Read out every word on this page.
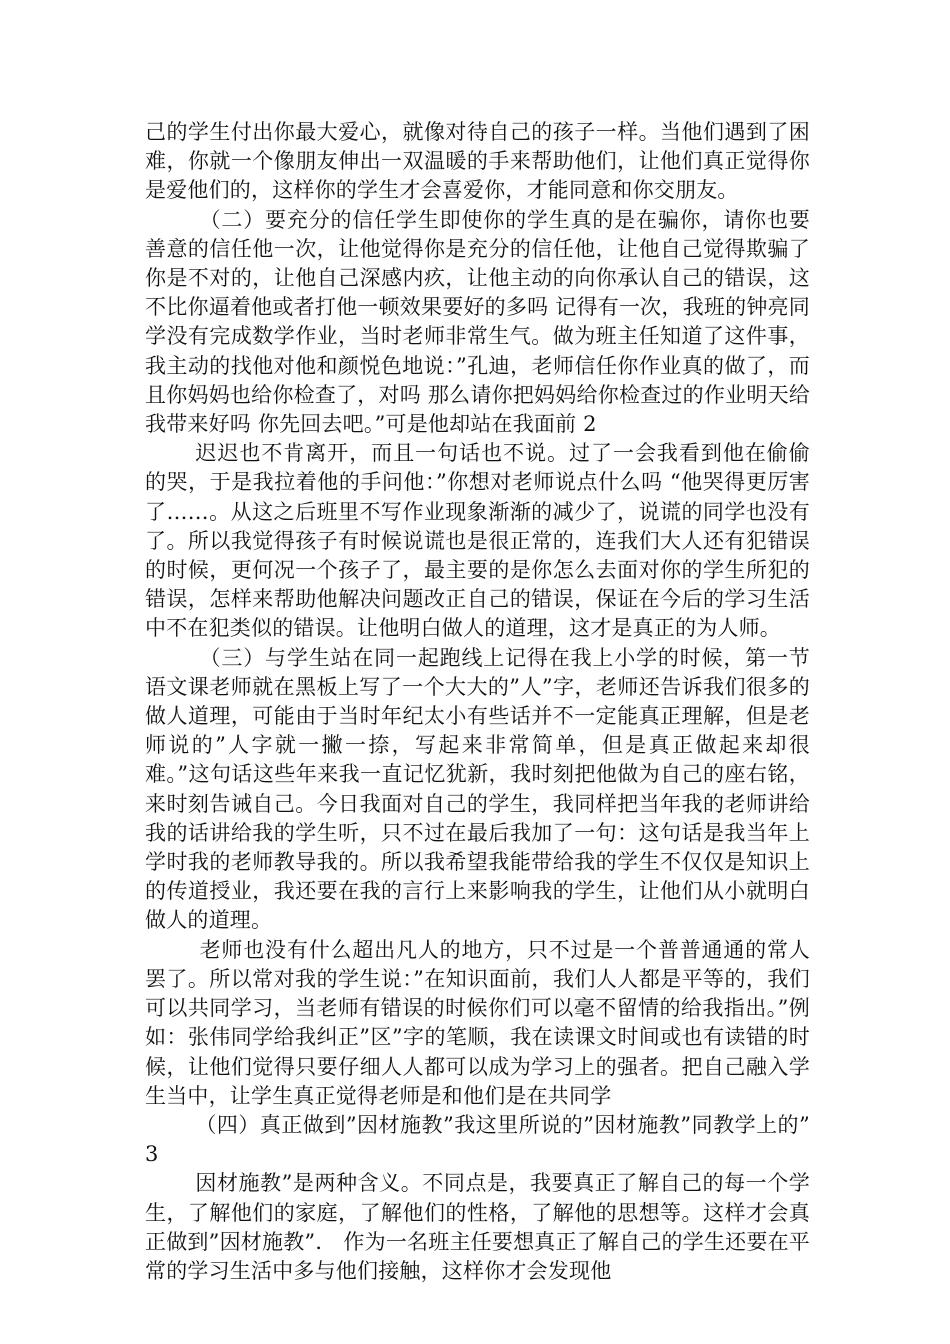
己的学生付出你最大爱心，就像对待自己的孩子一样。当他们遇到了困难，你就一个像朋友伸出一双温暖的手来帮助他们，让他们真正觉得你是爱他们的，这样你的学生才会喜爱你，才能同意和你交朋友。

（二）要充分的信任学生即使你的学生真的是在骗你，请你也要善意的信任他一次，让他觉得你是充分的信任他，让他自己觉得欺骗了你是不对的，让他自己深感内疚，让他主动的向你承认自己的错误，这不比你逼着他或者打他一顿效果要好的多吗 记得有一次，我班的钟亮同学没有完成数学作业，当时老师非常生气。做为班主任知道了这件事，我主动的找他对他和颜悦色地说：”孔迪，老师信任你作业真的做了，而且你妈妈也给你检查了，对吗 那么请你把妈妈给你检查过的作业明天给我带来好吗 你先回去吧。”可是他却站在我面前 2

迟迟也不肯离开，而且一句话也不说。过了一会我看到他在偷偷的哭，于是我拉着他的手问他：”你想对老师说点什么吗 “他哭得更厉害了……。从这之后班里不写作业现象渐渐的减少了，说谎的同学也没有了。所以我觉得孩子有时候说谎也是很正常的，连我们大人还有犯错误的时候，更何况一个孩子了，最主要的是你怎么去面对你的学生所犯的错误，怎样来帮助他解决问题改正自己的错误，保证在今后的学习生活中不在犯类似的错误。让他明白做人的道理，这才是真正的为人师。

（三）与学生站在同一起跑线上记得在我上小学的时候，第一节语文课老师就在黑板上写了一个大大的”人”字，老师还告诉我们很多的做人道理，可能由于当时年纪太小有些话并不一定能真正理解，但是老师说的”人字就一撇一捺，写起来非常简单，但是真正做起来却很难。”这句话这些年来我一直记忆犹新，我时刻把他做为自己的座右铭，来时刻告诫自己。今日我面对自己的学生，我同样把当年我的老师讲给我的话讲给我的学生听，只不过在最后我加了一句：这句话是我当年上学时我的老师教导我的。所以我希望我能带给我的学生不仅仅是知识上的传道授业，我还要在我的言行上来影响我的学生，让他们从小就明白做人的道理。

老师也没有什么超出凡人的地方，只不过是一个普普通通的常人罢了。所以常对我的学生说：”在知识面前，我们人人都是平等的，我们可以共同学习，当老师有错误的时候你们可以毫不留情的给我指出。”例如：张伟同学给我纠正”区”字的笔顺，我在读课文时间或也有读错的时候，让他们觉得只要仔细人人都可以成为学习上的强者。把自己融入学生当中，让学生真正觉得老师是和他们是在共同学

（四）真正做到”因材施教”我这里所说的”因材施教”同教学上的” 3

因材施教”是两种含义。不同点是，我要真正了解自己的每一个学生，了解他们的家庭，了解他们的性格，了解他的思想等。这样才会真正做到”因材施教”． 作为一名班主任要想真正了解自己的学生还要在平常的学习生活中多与他们接触，这样你才会发现他
